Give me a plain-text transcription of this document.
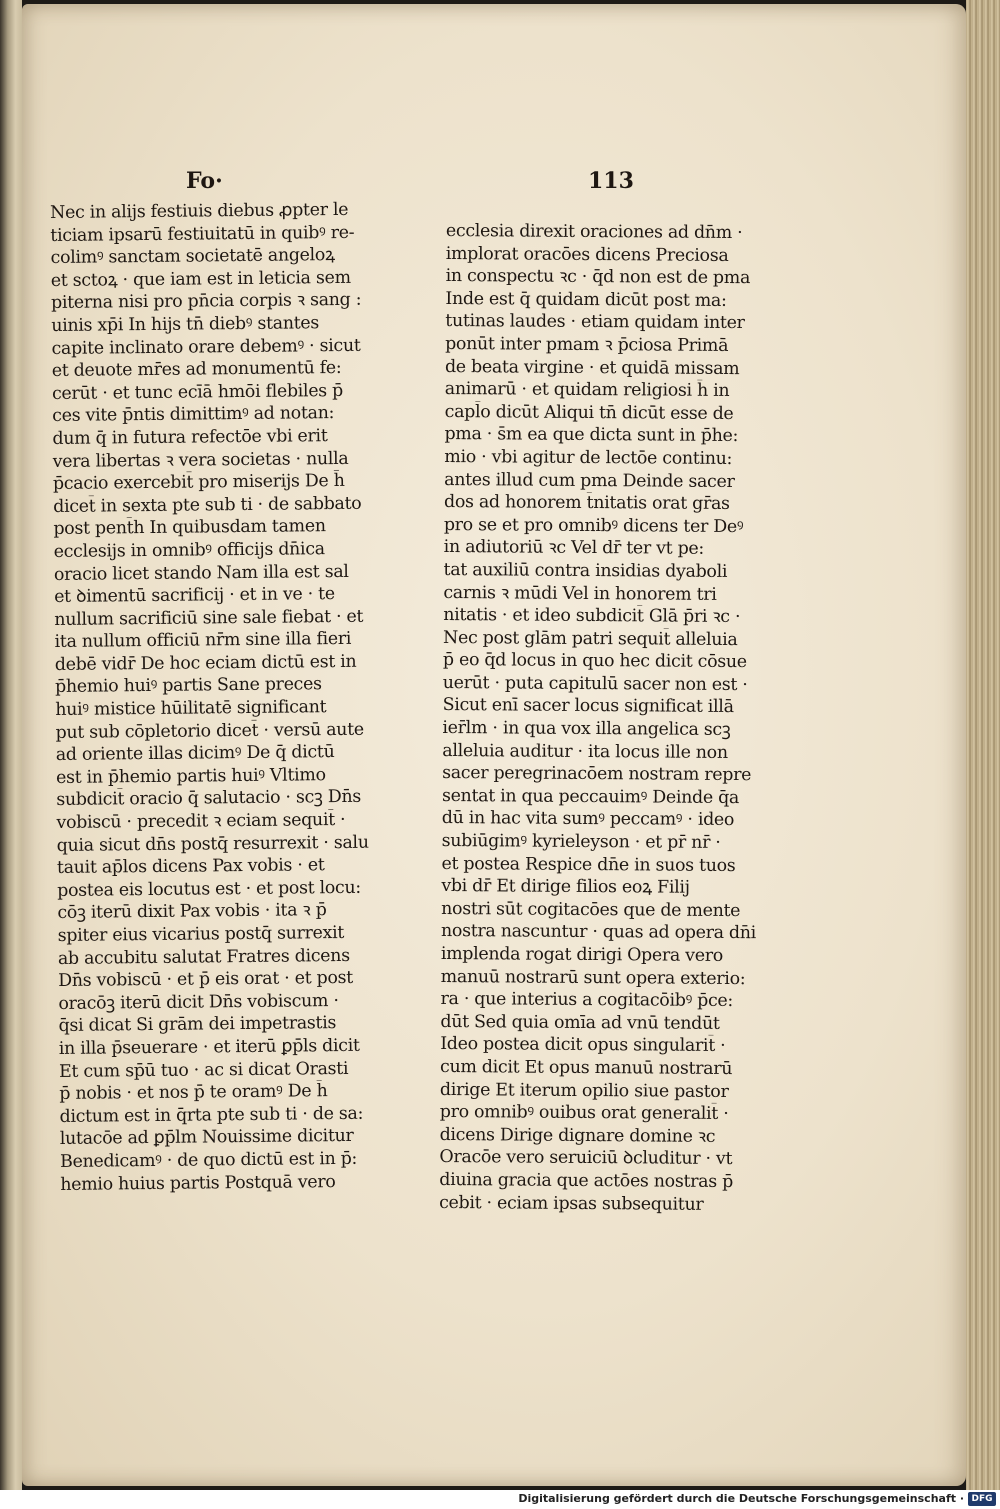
Fo·	113
Nec in alijs festiuis diebus ꝓpter le
ticiam ipsarū festiuitatū in quibꝰ re-
colimꝰ sanctam societatē angeloꝝ
et sctoꝝ · que iam est in leticia sem
piterna nisi pro pn̄cia corpis ꝛ sang :
uinis xp̄i In hijs tn̄ diebꝰ stantes
capite inclinato orare debemꝰ · sicut
et deuote mr̄es ad monumentū fe:
cerūt · et tunc ecīā hmōi flebiles p̄
ces vite p̄ntis dimittimꝰ ad notan:
dum q̄ in futura refectōe vbi erit
vera libertas ꝛ vera societas · nulla
p̄cacio exercebit̄ pro miserijs De h̄
dicet̄ in sexta pte sub ti · de sabbato
post pent̄h In quibusdam tamen
ecclesijs in omnibꝰ officijs dn̄ica
oracio licet stando Nam illa est sal
et ꝺimentū sacrificij · et in ve · te
nullum sacrificiū sine sale fiebat · et
ita nullum officiū nr̄m sine illa fieri
debē vidr̄ De hoc eciam dictū est in
p̄hemio huiꝰ partis Sane preces
huiꝰ mistice hūilitatē significant
put sub cōpletorio dicet̄ · versū aute
ad oriente illas dicimꝰ De q̄ dictū
est in p̄hemio partis huiꝰ Vltimo
subdicit̄ oracio q̄ salutacio · scꝫ Dn̄s
vobiscū · precedit ꝛ eciam sequit̄ ·
quia sicut dn̄s postq̄ resurrexit · salu
tauit ap̄los dicens Pax vobis · et
postea eis locutus est · et post locu:
cōꝫ iterū dixit Pax vobis · ita ꝛ p̄
spiter eius vicarius postq̄ surrexit
ab accubitu salutat Fratres dicens
Dn̄s vobiscū · et p̄ eis orat · et post
oracōꝫ iterū dicit Dn̄s vobiscum ·
q̄si dicat Si grām dei impetrastis
in illa p̄seuerare · et iterū ꝑp̄ls dicit
Et cum sp̄ū tuo · ac si dicat Orasti
p̄ nobis · et nos p̄ te oramꝰ De h̄
dictum est in q̄rta pte sub ti · de sa:
lutacōe ad ꝑp̄lm Nouissime dicitur
Benedicamꝰ · de quo dictū est in p̄:
hemio huius partis Postquā vero
ecclesia direxit oraciones ad dn̄m ·
implorat oracōes dicens Preciosa
in conspectu ꝛc · q̄d non est de pma
Inde est q̄ quidam dicūt post ma:
tutinas laudes · etiam quidam inter
ponūt inter pmam ꝛ p̄ciosa Primā
de beata virgine · et quidā missam
animarū · et quidam religiosi h̄ in
capl̄o dicūt Aliqui tn̄ dicūt esse de
pma · s̄m ea que dicta sunt in p̄he:
mio · vbi agitur de lectōe continu:
antes illud cum pma Deinde sacer
dos ad honorem t̄nitatis orat gr̄as
pro se et pro omnibꝰ dicens ter Deꝰ
in adiutoriū ꝛc Vel dr̄ ter vt pe:
tat auxiliū contra insidias dyaboli
carnis ꝛ mūdi Vel in honorem tri
nitatis · et ideo subdicit̄ Glā p̄ri ꝛc ·
Nec post glām patri sequit̄ alleluia
p̄ eo q̄d locus in quo hec dicit cōsue
uerūt · puta capitulū sacer non est ·
Sicut enī sacer locus significat illā
ier̄lm · in qua vox illa angelica scꝫ
alleluia auditur · ita locus ille non
sacer peregrinacōem nostram repre
sentat in qua peccauimꝰ Deinde q̄a
dū in hac vita sumꝰ peccamꝰ · ideo
subiūgimꝰ kyrieleyson · et pr̄ nr̄ ·
et postea Respice dn̄e in suos tuos
vbi dr̄ Et dirige filios eoꝝ Filij
nostri sūt cogitacōes que de mente
nostra nascuntur · quas ad opera dn̄i
implenda rogat dirigi Opera vero
manuū nostrarū sunt opera exterio:
ra · que interius a cogitacōibꝰ p̄ce:
dūt Sed quia omīa ad vnū tendūt
Ideo postea dicit opus singularit̄ ·
cum dicit Et opus manuū nostrarū
dirige Et iterum opilio siue pastor
pro omnibꝰ ouibus orat generalit̄ ·
dicens Dirige dignare domine ꝛc
Oracōe vero seruiciū ꝺcluditur · vt
diuina gracia que actōes nostras p̄
cebit · eciam ipsas subsequitur
Digitalisierung gefördert durch die Deutsche Forschungsgemeinschaft · DFG
